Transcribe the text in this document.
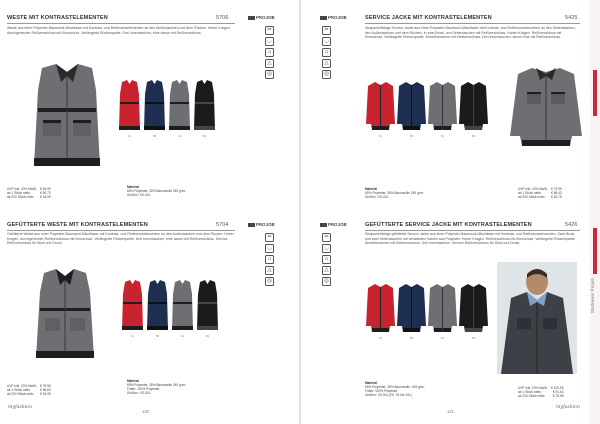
Workwear Projob
WESTE MIT KONTRASTELEMENTEN	5706
Weste aus einer Polyester-Baumwoll-Mischfaser mit Kontrast- und Reflexionselementen an den Außentaschen und dem Rücken. Hoher Kragen, durchgehender Reißverschluss mit Kinnschutz. Verlängerte Rückenpartie. Drei Innentaschen, eine davon mit Reißverschluss.
PROJOB
✂
◡
⌂
△
◎
31	58	91	99
UVP inkl. 20% MwSt.	€ 64,99
ab 1 Stück netto	€ 50,73
ab 200 Stück netto	€ 44,95
Material
65% Polyester, 35% Baumwolle 245 g/m²
Größen: XS-4XL
PROJOB
✂
◡
⌂
△
◎
SERVICE JACKE MIT KONTRASTELEMENTEN	5425
Strapazierfähige Service-Jacke aus einer Polyester-Baumwoll-Mischfaser mit Kontrast- und Reflexionselementen an den Seitentaschen, den Außentaschen und dem Rücken. In zwei Brust- und Seitentaschen mit Reißverschluss. Hohen Kragen. Reißverschluss mit Kinnschutz. Verlängerte Rückenpartie. Ärmelbündchen mit Klettverschluss. Drei Innentaschen, davon eine mit Reißverschluss.
31	58	91	99
Material
65% Polyester, 35% Baumwolle 245 g/m²
Größen: XS-4XL
UVP inkl. 20% MwSt.	€ 79,99
ab 1 Stück netto	€ 66,43
ab 200 Stück netto	€ 54,75
GEFÜTTERTE WESTE MIT KONTRASTELEMENTEN	5704
Gefütterte Weste aus einer Polyester-Baumwoll-Mischfaser mit Kontrast- und Reflexionselementen an den Außentaschen und dem Rücken. Hoher Kragen, durchgehender Reißverschluss mit Kinnschutz. Verlängerte Rückenpartie. Drei Innentaschen, eine davon mit Reißverschluss. Service-Reißverschluss für Stick und Druck.
PROJOB
✂
◡
⌂
△
◎
31	58	91	99
UVP inkl. 20% MwSt.	€ 79,95
ab 1 Stück netto	€ 66,63
ab 200 Stück netto	€ 54,95
Material
65% Polyester, 35% Baumwolle 245 g/m²
Futter: 100% Polyester
Größen: XS-4XL
PROJOB
✂
◡
⌂
△
◎
GEFÜTTERTE SERVICE JACKE MIT KONTRASTELEMENTEN	5426
Strapazierfähige gefütterte Service Jacke aus einer Polyester-Baumwoll-Mischfaser mit Kontrast- und Reflexionselementen. Zwei Brust- und zwei Seitentaschen mit verstärkten Kanten aus Polyester. Hoher Kragen. Reißverschluss mit Kinnschutz, Verlängerte Rückenpartie. Ärmelbündchen mit Klettverschluss. Drei Innentaschen. Service-Reißverschluss für Stick und Druck.
31	58	91	99
Material
65% Polyester, 35% Baumwolle, 245 g/m²
Futter: 100% Polyester
Größen: XS-3XL (Fb. 91 bis 4XL)
UVP inkl. 20% MwSt.	€ 109,95
ab 1 Stück netto	€ 91,63
ab 200 Stück netto	€ 75,95
myfashion
120	121
myfashion
